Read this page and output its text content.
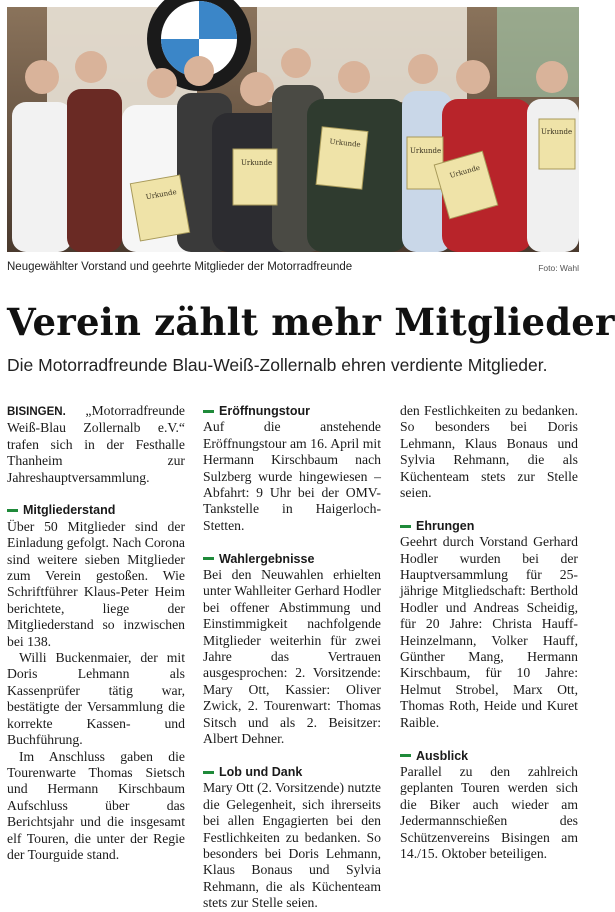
Urkunde
Urkunde
Urkunde
Urkunde
Urkunde
Urkunde
Neugewählter Vorstand und geehrte Mitglieder der Motorradfreunde	Foto: Wahl
Verein zählt mehr Mitglieder
Die Motorradfreunde Blau-Weiß-Zollernalb ehren verdiente Mitglieder.

BISINGEN. „Motorradfreunde Weiß-Blau Zollernalb e.V.“ trafen sich in der Festhalle Thanheim zur Jahreshauptversammlung.

Mitgliederstand

Über 50 Mitglieder sind der Einladung gefolgt. Nach Corona sind weitere sieben Mitglieder zum Verein gestoßen. Wie Schriftführer Klaus-Peter Heim berichtete, liege der Mitgliederstand so inzwischen bei 138.

Willi Buckenmaier, der mit Doris Lehmann als Kassenprüfer tätig war, bestätigte der Versammlung die korrekte Kassen- und Buchführung.

Im Anschluss gaben die Tourenwarte Thomas Sietsch und Hermann Kirschbaum Aufschluss über das Berichtsjahr und die insgesamt elf Touren, die unter der Regie der Tourguide stand.

Eröffnungstour

Auf die anstehende Eröffnungstour am 16. April mit Hermann Kirschbaum nach Sulzberg wurde hingewiesen – Abfahrt: 9 Uhr bei der OMV-Tankstelle in Haigerloch-Stetten.

Wahlergebnisse

Bei den Neuwahlen erhielten unter Wahlleiter Gerhard Hodler bei offener Abstimmung und Einstimmigkeit nachfolgende Mitglieder weiterhin für zwei Jahre das Vertrauen ausgesprochen: 2. Vorsitzende: Mary Ott, Kassier: Oliver Zwick, 2. Tourenwart: Thomas Sitsch und als 2. Beisitzer: Albert Dehner.

Lob und Dank

Mary Ott (2. Vorsitzende) nutzte die Gelegenheit, sich ihrerseits bei allen Engagierten bei den Festlichkeiten zu bedanken. So besonders bei Doris Lehmann, Klaus Bonaus und Sylvia Rehmann, die als Küchenteam stets zur Stelle seien.

den Festlichkeiten zu bedanken. So besonders bei Doris Lehmann, Klaus Bonaus und Sylvia Rehmann, die als Küchenteam stets zur Stelle seien.

Ehrungen

Geehrt durch Vorstand Gerhard Hodler wurden bei der Hauptversammlung für 25-jährige Mitgliedschaft: Berthold Hodler und Andreas Scheidig, für 20 Jahre: Christa Hauff-Heinzelmann, Volker Hauff, Günther Mang, Hermann Kirschbaum, für 10 Jahre: Helmut Strobel, Marx Ott, Thomas Roth, Heide und Kuret Raible.

Ausblick

Parallel zu den zahlreich geplanten Touren werden sich die Biker auch wieder am Jedermannschießen des Schützenvereins Bisingen am 14./15. Oktober beteiligen.
